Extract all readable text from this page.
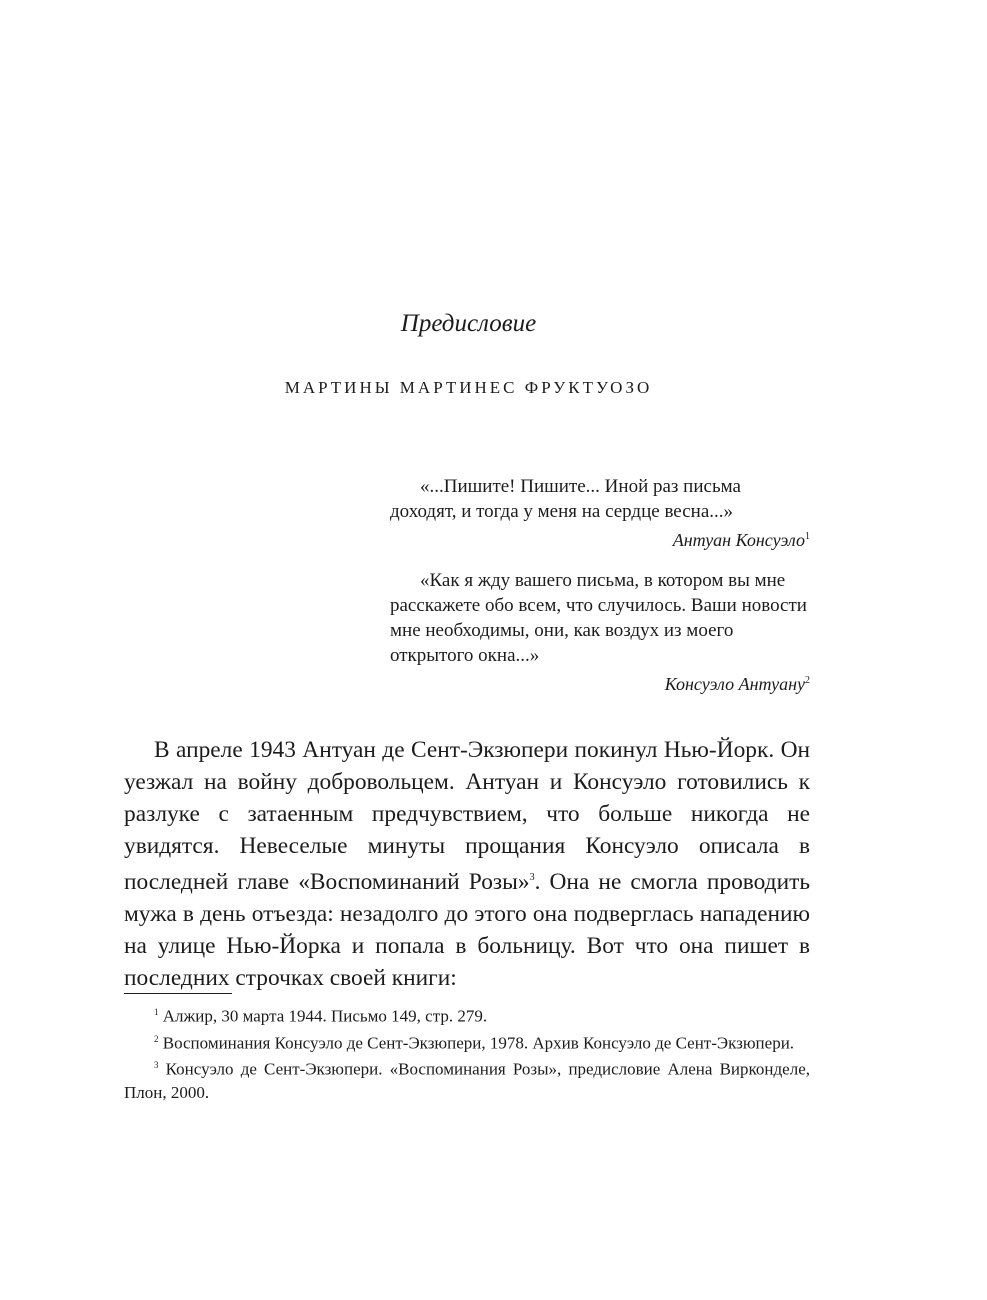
Предисловие

МАРТИНЫ МАРТИНЕС ФРУКТУОЗО

«...Пишите! Пишите... Иной раз письма доходят, и тогда у меня на сердце весна...»

Антуан Консуэло$^1$

«Как я жду вашего письма, в котором вы мне расскажете обо всем, что случилось. Ваши новости мне необходимы, они, как воздух из моего открытого окна...»

Консуэло Антуану$^2$

В апреле 1943 Антуан де Сент-Экзюпери покинул Нью-Йорк. Он уезжал на войну добровольцем. Антуан и Консуэло готовились к разлуке с затаенным предчувствием, что больше никогда не увидятся. Невеселые минуты прощания Консуэло описала в последней главе «Воспоминаний Розы»$^3$. Она не смогла проводить мужа в день отъезда: незадолго до этого она подверглась нападению на улице Нью-Йорка и попала в больницу. Вот что она пишет в последних строчках своей книги:

$^1$ Алжир, 30 марта 1944. Письмо 149, стр. 279.

$^2$ Воспоминания Консуэло де Сент-Экзюпери, 1978. Архив Консуэло де Сент-Экзюпери.

$^3$ Консуэло де Сент-Экзюпери. «Воспоминания Розы», предисловие Алена Вирконделе, Плон, 2000.
